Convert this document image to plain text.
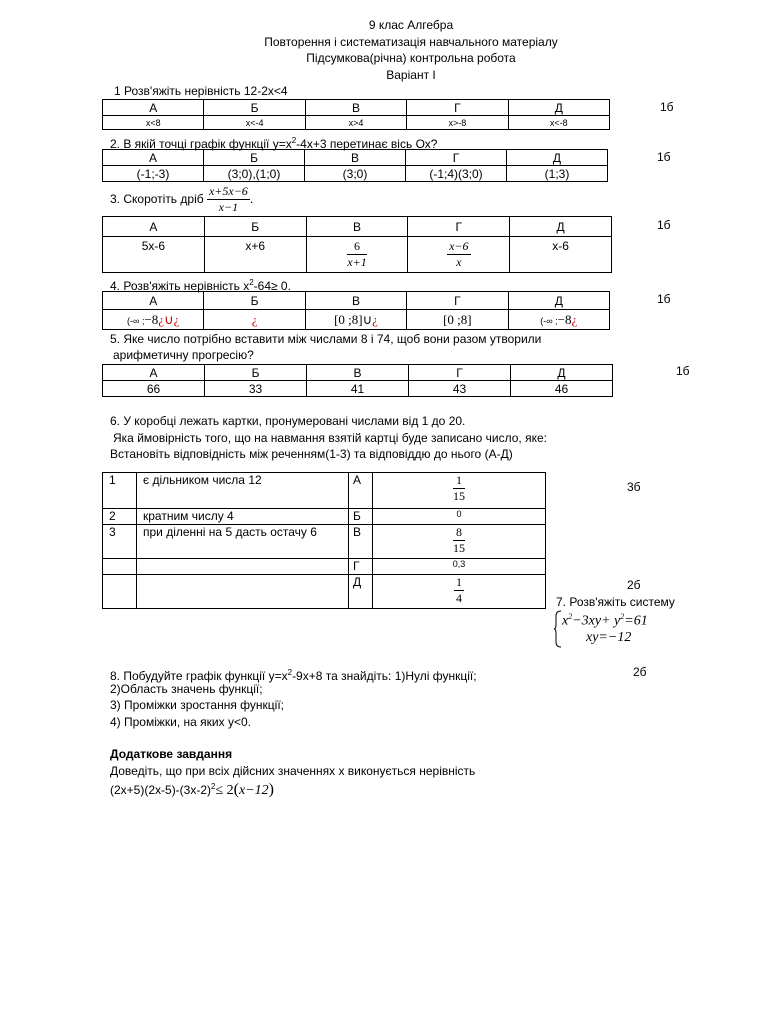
9 клас Алгебра
Повторення і систематизація навчального матеріалу
Підсумкова(річна) контрольна робота
Варіант І
1 Розв'яжіть нерівність 12-2х<4
1б
А	Б	В	Г	Д
х<8	х<-4	х>4	х>-8	х<-8
2. В якій точці графік функції $у=х^2-4х+3$ перетинає вісь Ох?
1б
А	Б	В	Г	Д
(-1;-3)	(3;0),(1;0)	(3;0)	(-1;4)(3;0)	(1;3)
3. Скоротіть дріб $\frac{x+5x-6}{x-1}$ .
1б
А	Б	В	Г	Д
5х-6	х+6	$\frac{6}{x+1}$	$\frac{x-6}{x}$	х-6
4. Розв'яжіть нерівність $х^2-64\ge 0$.
1б
А	Б	В	Г	Д
(-∞ ;−8¿∪¿	¿	[0 ;8]∪¿	[0 ;8]	(-∞ ;−8¿
5. Яке число потрібно вставити між числами 8 і 74, щоб вони разом утворили
арифметичну прогресію?
1б
А	Б	В	Г	Д
66	33	41	43	46
6. У коробці лежать картки, пронумеровані числами від 1 до 20.
Яка ймовірність того, що на навмання взятій картці буде записано число, яке:
Встановіть відповідність між реченням(1-3) та відповіддю до нього (А-Д)
3б
1	є дільником числа 12	А	$\frac{1}{15}$

2	кратним числу 4	Б	0
3	при діленні на 5 дасть остачу 6	В	$\frac{8}{15}$

		Г	0,3
		Д	$\frac{1}{4}$	2б
7. Розв'яжіть систему
$x^2-3xy+ y^2=61$
xy=−12
8. Побудуйте графік функції $у=х^2-9х+8$ та знайдіть: 1)Нулі функції;	2б
2)Область значень функції;
3) Проміжки зростання функції;
4) Проміжки, на яких у<0.
Додаткове завдання
Доведіть, що при всіх дійсних значеннях х виконується нерівність
$(2х+5)(2х-5)-(3х-2)^2\le 2(x-12)$
